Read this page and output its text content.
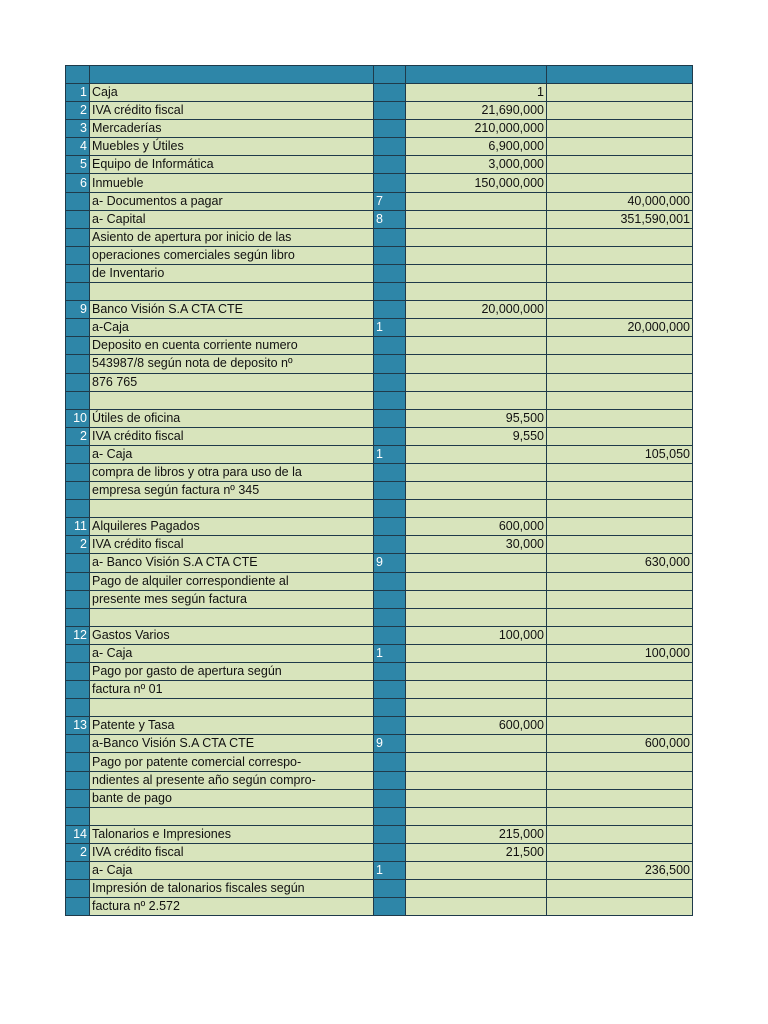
1	Caja		1	
2	IVA crédito fiscal		21,690,000	
3	Mercaderías		210,000,000	
4	Muebles y Útiles		6,900,000	
5	Equipo de Informática		3,000,000	
6	Inmueble		150,000,000	
	a- Documentos a pagar	7		40,000,000
	a- Capital	8		351,590,001
	Asiento de apertura por inicio de las			
	operaciones comerciales según libro			
	de Inventario			

9	Banco Visión S.A CTA CTE		20,000,000	
	a-Caja	1		20,000,000
	Deposito en cuenta corriente numero			
	543987/8 según nota de deposito nº			
	876 765			

10	Útiles de oficina		95,500	
2	IVA crédito fiscal		9,550	
	a- Caja	1		105,050
	compra de libros y otra para uso de la			
	empresa según factura nº 345			

11	Alquileres Pagados		600,000	
2	IVA crédito fiscal		30,000	
	a- Banco Visión S.A CTA CTE	9		630,000
	Pago de alquiler correspondiente al			
	presente mes según factura			

12	Gastos Varios		100,000	
	a- Caja	1		100,000
	Pago por gasto de apertura según			
	factura nº 01			

13	Patente y Tasa		600,000	
	a-Banco Visión S.A CTA CTE	9		600,000
	Pago por patente comercial correspo-			
	ndientes al presente año según compro-			
	bante de pago			

14	Talonarios e Impresiones		215,000	
2	IVA crédito fiscal		21,500	
	a- Caja	1		236,500
	Impresión de talonarios fiscales según			
	factura nº 2.572			
